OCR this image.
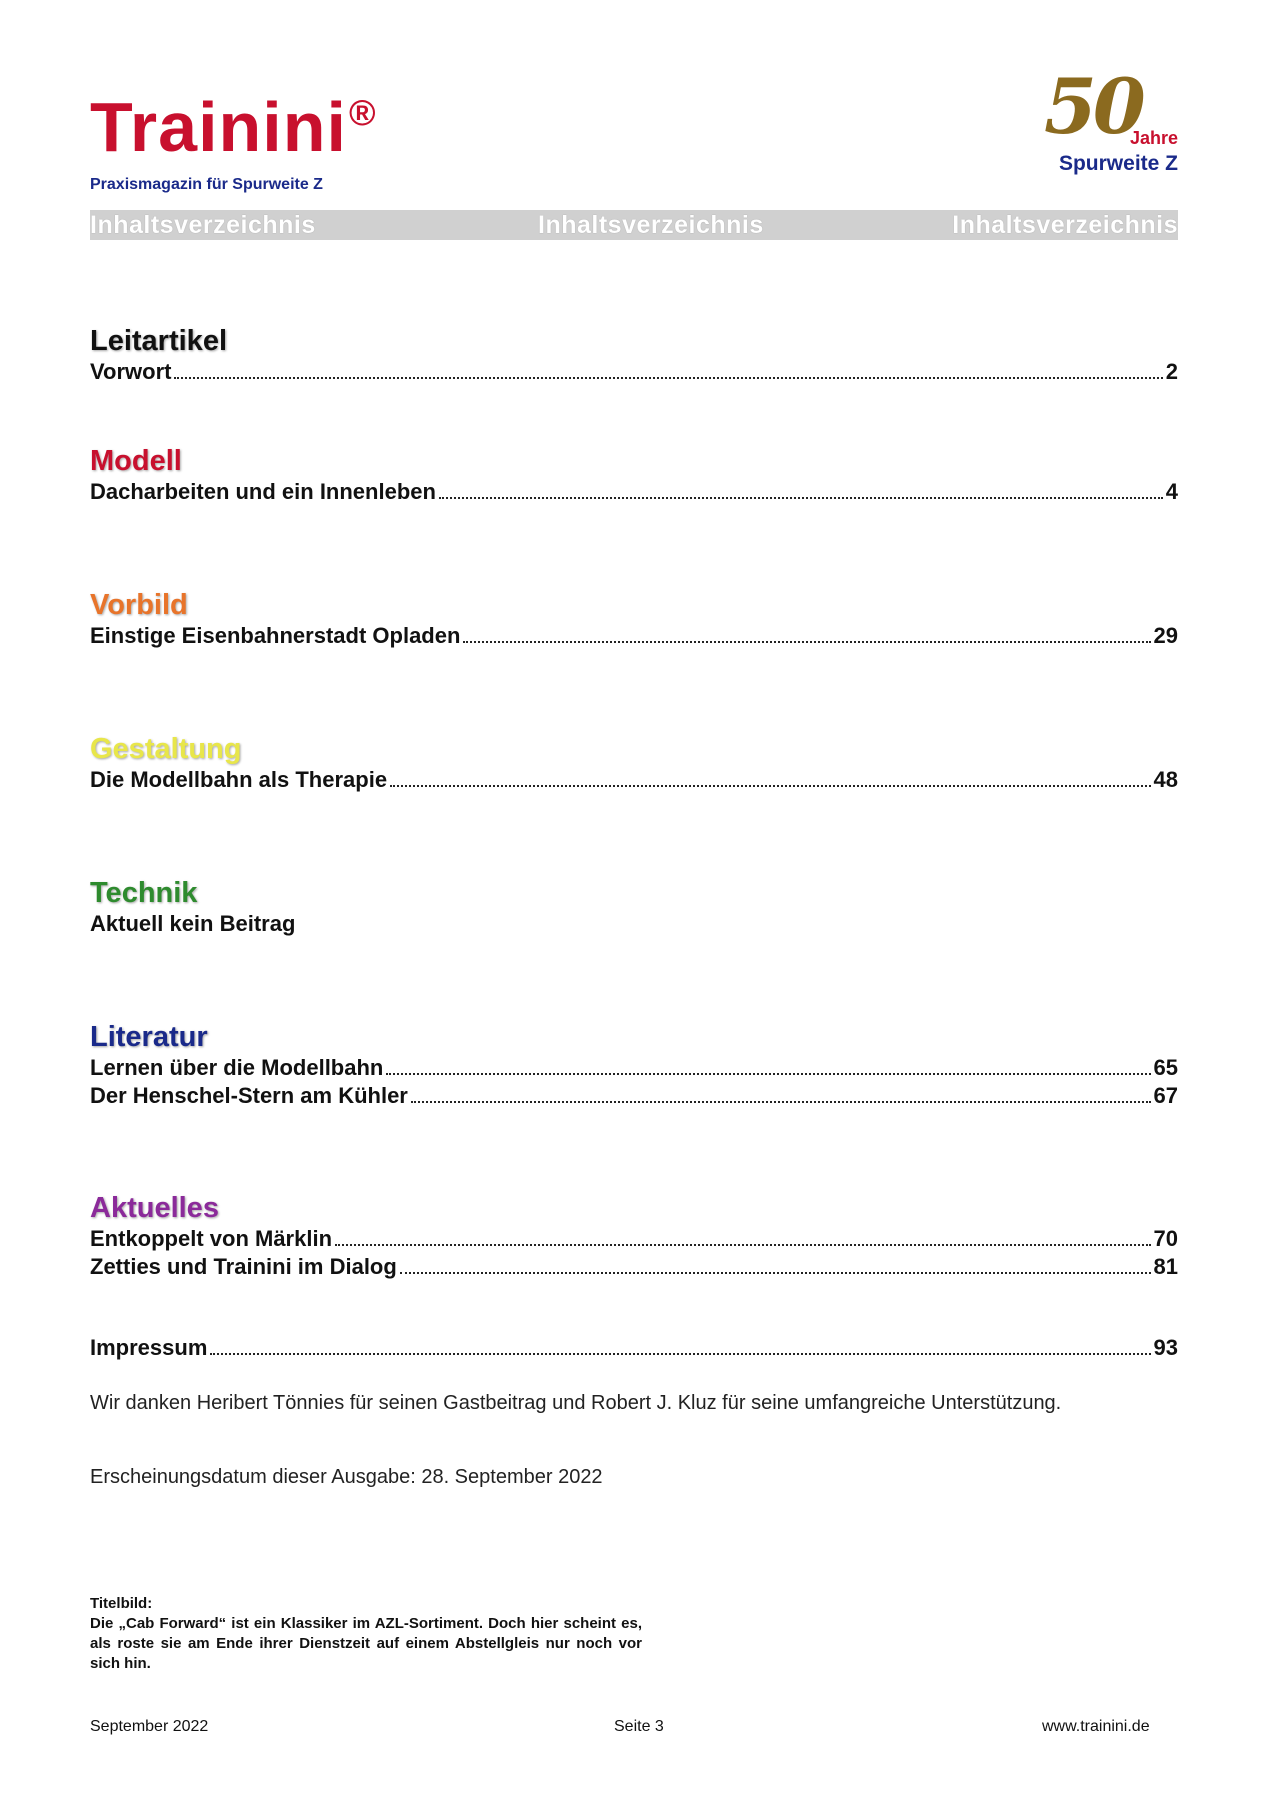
Trainini®
Praxismagazin für Spurweite Z
50
Jahre
Spurweite Z
Inhaltsverzeichnis	Inhaltsverzeichnis	Inhaltsverzeichnis
Leitartikel
Vorwort	2
Modell
Dacharbeiten und ein Innenleben	4
Vorbild
Einstige Eisenbahnerstadt Opladen	29
Gestaltung
Die Modellbahn als Therapie	48
Technik
Aktuell kein Beitrag
Literatur
Lernen über die Modellbahn	65
Der Henschel-Stern am Kühler	67
Aktuelles
Entkoppelt von Märklin	70
Zetties und Trainini im Dialog	81
Impressum	93
Wir danken Heribert Tönnies für seinen Gastbeitrag und Robert J. Kluz für seine umfangreiche Unterstützung.
Erscheinungsdatum dieser Ausgabe: 28. September 2022
Titelbild:
Die „Cab Forward“ ist ein Klassiker im AZL-Sortiment. Doch hier scheint es, als roste sie am Ende ihrer Dienstzeit auf einem Abstellgleis nur noch vor sich hin.
September 2022	Seite 3	www.trainini.de
